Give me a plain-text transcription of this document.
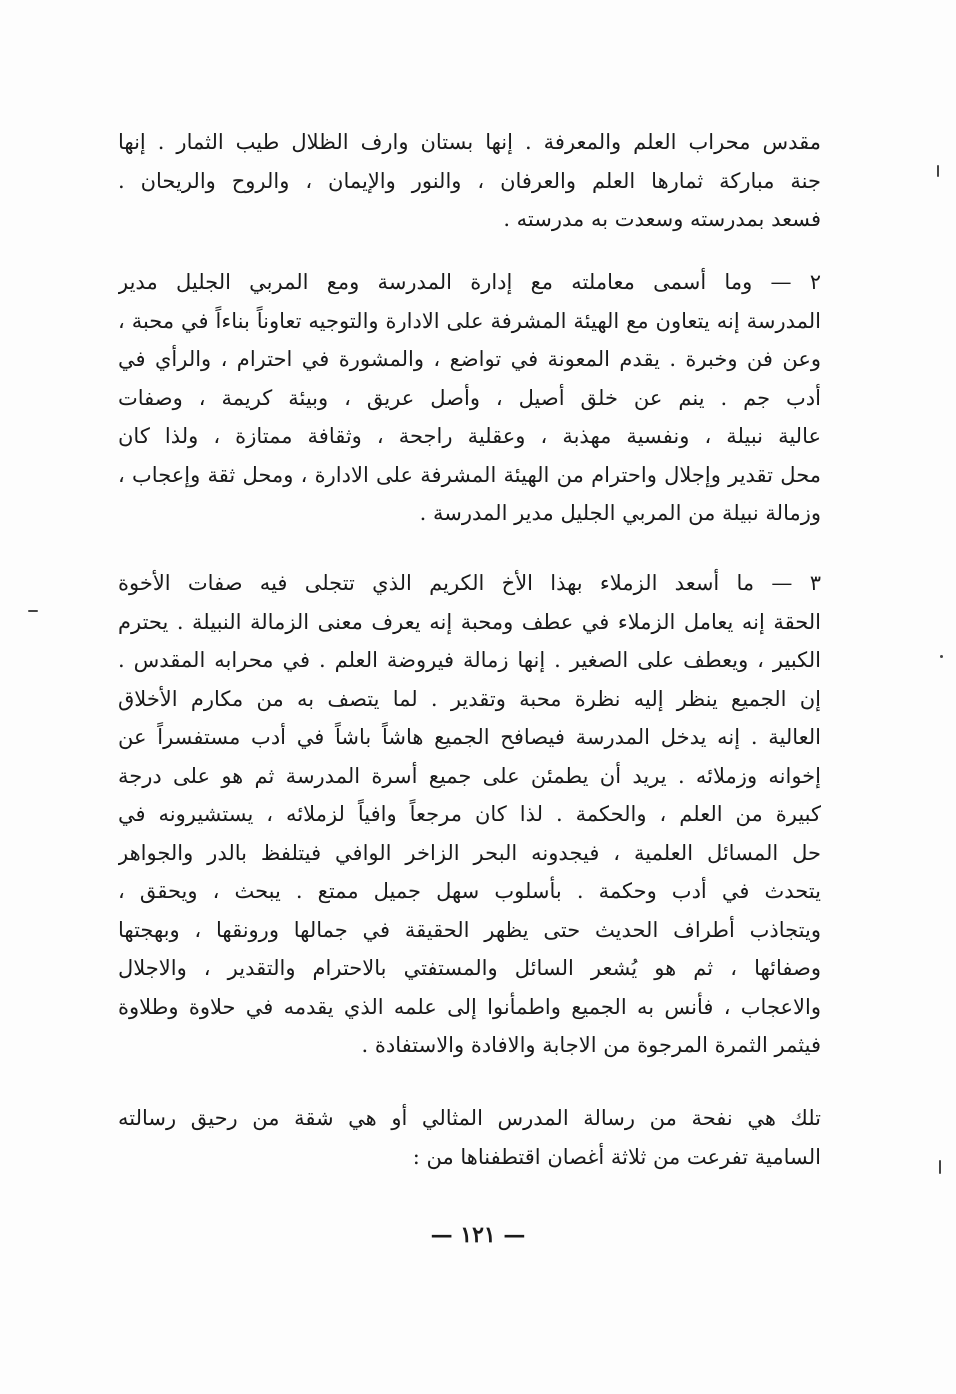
مقدس محراب العلم والمعرفة . إنها بستان وارف الظلال طيب الثمار . إنها
جنة مباركة ثمارها العلم والعرفان ، والنور والإيمان ، والروح والريحان .
فسعد بمدرسته وسعدت به مدرسته .
٢ — وما أسمى معاملته مع إدارة المدرسة ومع المربي الجليل مدير
المدرسة إنه يتعاون مع الهيئة المشرفة على الادارة والتوجيه تعاوناً بناءاً في محبة ،
وعن فن وخبرة . يقدم المعونة في تواضع ، والمشورة في احترام ، والرأي في
أدب جم . ينم عن خلق أصيل ، وأصل عريق ، وبيئة كريمة ، وصفات
عالية نبيلة ، ونفسية مهذبة ، وعقلية راجحة ، وثقافة ممتازة ، ولذا كان
محل تقدير وإجلال واحترام من الهيئة المشرفة على الادارة ، ومحل ثقة وإعجاب ،
وزمالة نبيلة من المربي الجليل مدير المدرسة .
٣ — ما أسعد الزملاء بهذا الأخ الكريم الذي تتجلى فيه صفات الأخوة
الحقة إنه يعامل الزملاء في عطف ومحبة إنه يعرف معنى الزمالة النبيلة . يحترم
الكبير ، ويعطف على الصغير . إنها زمالة فيروضة العلم . في محرابه المقدس .
إن الجميع ينظر إليه نظرة محبة وتقدير . لما يتصف به من مكارم الأخلاق
العالية . إنه يدخل المدرسة فيصافح الجميع هاشاً باشاً في أدب مستفسراً عن
إخوانه وزملائه . يريد أن يطمئن على جميع أسرة المدرسة ثم هو على درجة
كبيرة من العلم ، والحكمة . لذا كان مرجعاً وافياً لزملائه ، يستشيرونه في
حل المسائل العلمية ، فيجدونه البحر الزاخر الوافي فيتلفظ بالدر والجواهر
يتحدث في أدب وحكمة . بأسلوب سهل جميل ممتع . يبحث ، ويحقق ،
ويتجاذب أطراف الحديث حتى يظهر الحقيقة في جمالها ورونقها ، وبهجتها
وصفائها ، ثم هو يُشعر السائل والمستفتي بالاحترام والتقدير ، والاجلال
والاعجاب ، فأنس به الجميع واطمأنوا إلى علمه الذي يقدمه في حلاوة وطلاوة
فيثمر الثمرة المرجوة من الاجابة والافادة والاستفادة .
تلك هي نفحة من رسالة المدرس المثالي أو هي شقة من رحيق رسالته
السامية تفرعت من ثلاثة أغصان اقتطفناها من :
— ١٢١ —
